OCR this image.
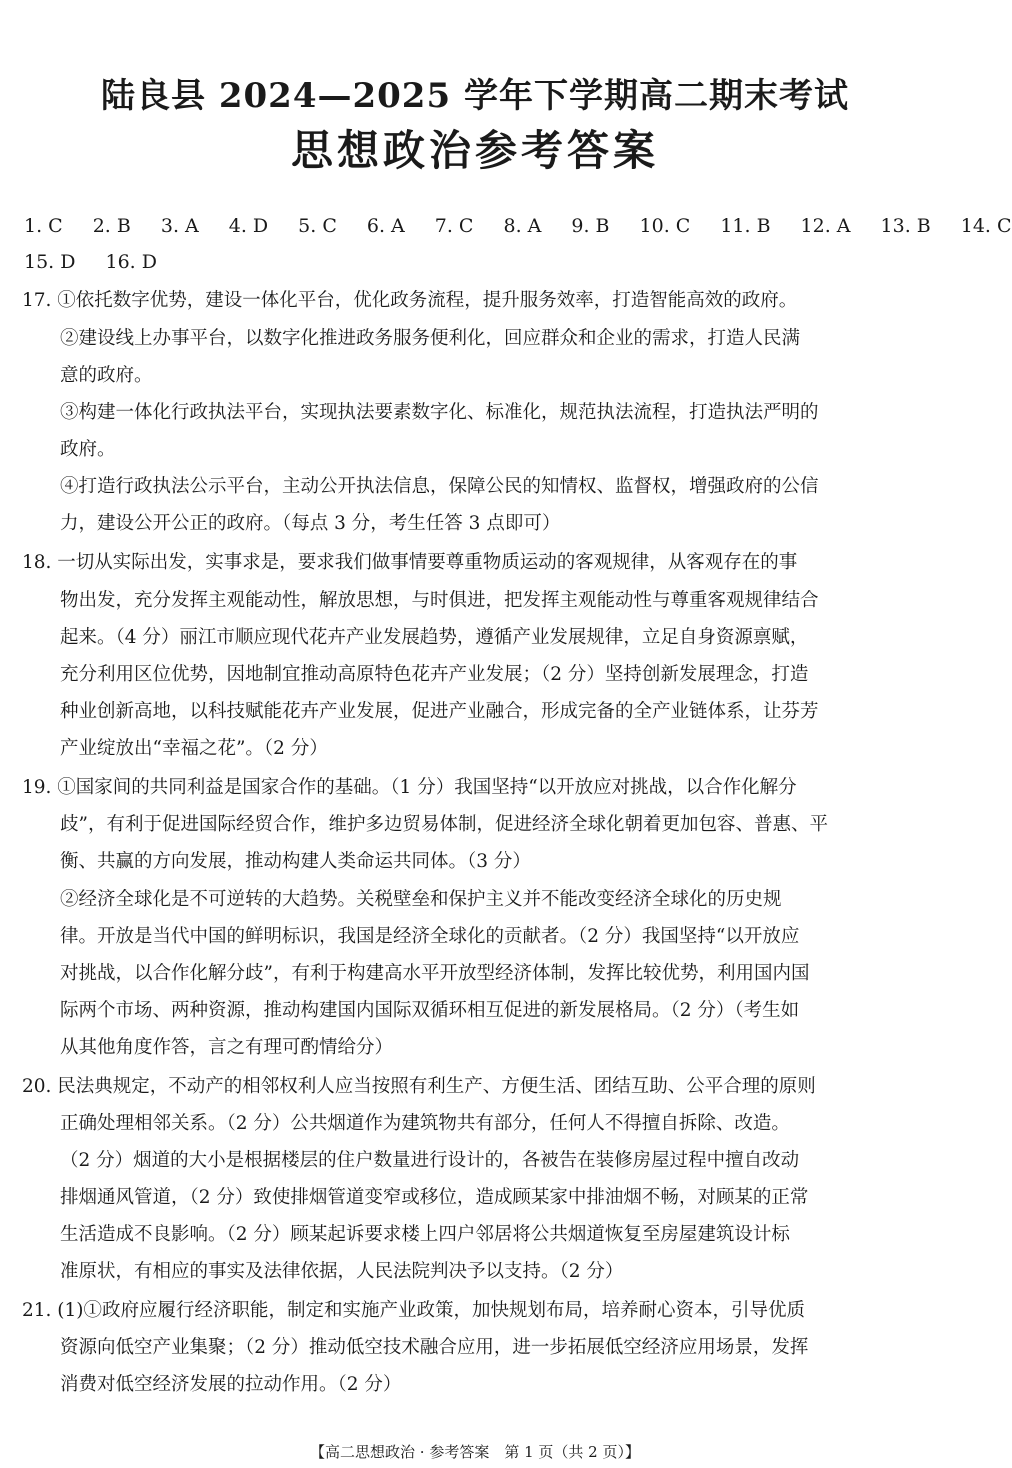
陆良县 2024—2025 学年下学期高二期末考试
思想政治参考答案
1. C 2. B 3. A 4. D 5. C 6. A 7. C 8. A 9. B 10. C 11. B 12. A 13. B 14. C
15. D 16. D
17. ①依托数字优势，建设一体化平台，优化政务流程，提升服务效率，打造智能高效的政府。
②建设线上办事平台，以数字化推进政务服务便利化，回应群众和企业的需求，打造人民满
意的政府。
③构建一体化行政执法平台，实现执法要素数字化、标准化，规范执法流程，打造执法严明的
政府。
④打造行政执法公示平台，主动公开执法信息，保障公民的知情权、监督权，增强政府的公信
力，建设公开公正的政府。（每点 3 分，考生任答 3 点即可）
18. 一切从实际出发，实事求是，要求我们做事情要尊重物质运动的客观规律，从客观存在的事
物出发，充分发挥主观能动性，解放思想，与时俱进，把发挥主观能动性与尊重客观规律结合
起来。（4 分）丽江市顺应现代花卉产业发展趋势，遵循产业发展规律，立足自身资源禀赋，
充分利用区位优势，因地制宜推动高原特色花卉产业发展；（2 分）坚持创新发展理念，打造
种业创新高地，以科技赋能花卉产业发展，促进产业融合，形成完备的全产业链体系，让芬芳
产业绽放出“幸福之花”。（2 分）
19. ①国家间的共同利益是国家合作的基础。（1 分）我国坚持“以开放应对挑战，以合作化解分
歧”，有利于促进国际经贸合作，维护多边贸易体制，促进经济全球化朝着更加包容、普惠、平
衡、共赢的方向发展，推动构建人类命运共同体。（3 分）
②经济全球化是不可逆转的大趋势。关税壁垒和保护主义并不能改变经济全球化的历史规
律。开放是当代中国的鲜明标识，我国是经济全球化的贡献者。（2 分）我国坚持“以开放应
对挑战，以合作化解分歧”，有利于构建高水平开放型经济体制，发挥比较优势，利用国内国
际两个市场、两种资源，推动构建国内国际双循环相互促进的新发展格局。（2 分）（考生如
从其他角度作答，言之有理可酌情给分）
20. 民法典规定，不动产的相邻权利人应当按照有利生产、方便生活、团结互助、公平合理的原则
正确处理相邻关系。（2 分）公共烟道作为建筑物共有部分，任何人不得擅自拆除、改造。
（2 分）烟道的大小是根据楼层的住户数量进行设计的，各被告在装修房屋过程中擅自改动
排烟通风管道，（2 分）致使排烟管道变窄或移位，造成顾某家中排油烟不畅，对顾某的正常
生活造成不良影响。（2 分）顾某起诉要求楼上四户邻居将公共烟道恢复至房屋建筑设计标
准原状，有相应的事实及法律依据，人民法院判决予以支持。（2 分）
21. (1)①政府应履行经济职能，制定和实施产业政策，加快规划布局，培养耐心资本，引导优质
资源向低空产业集聚；（2 分）推动低空技术融合应用，进一步拓展低空经济应用场景，发挥
消费对低空经济发展的拉动作用。（2 分）
【高二思想政治 · 参考答案　第 1 页（共 2 页）】
